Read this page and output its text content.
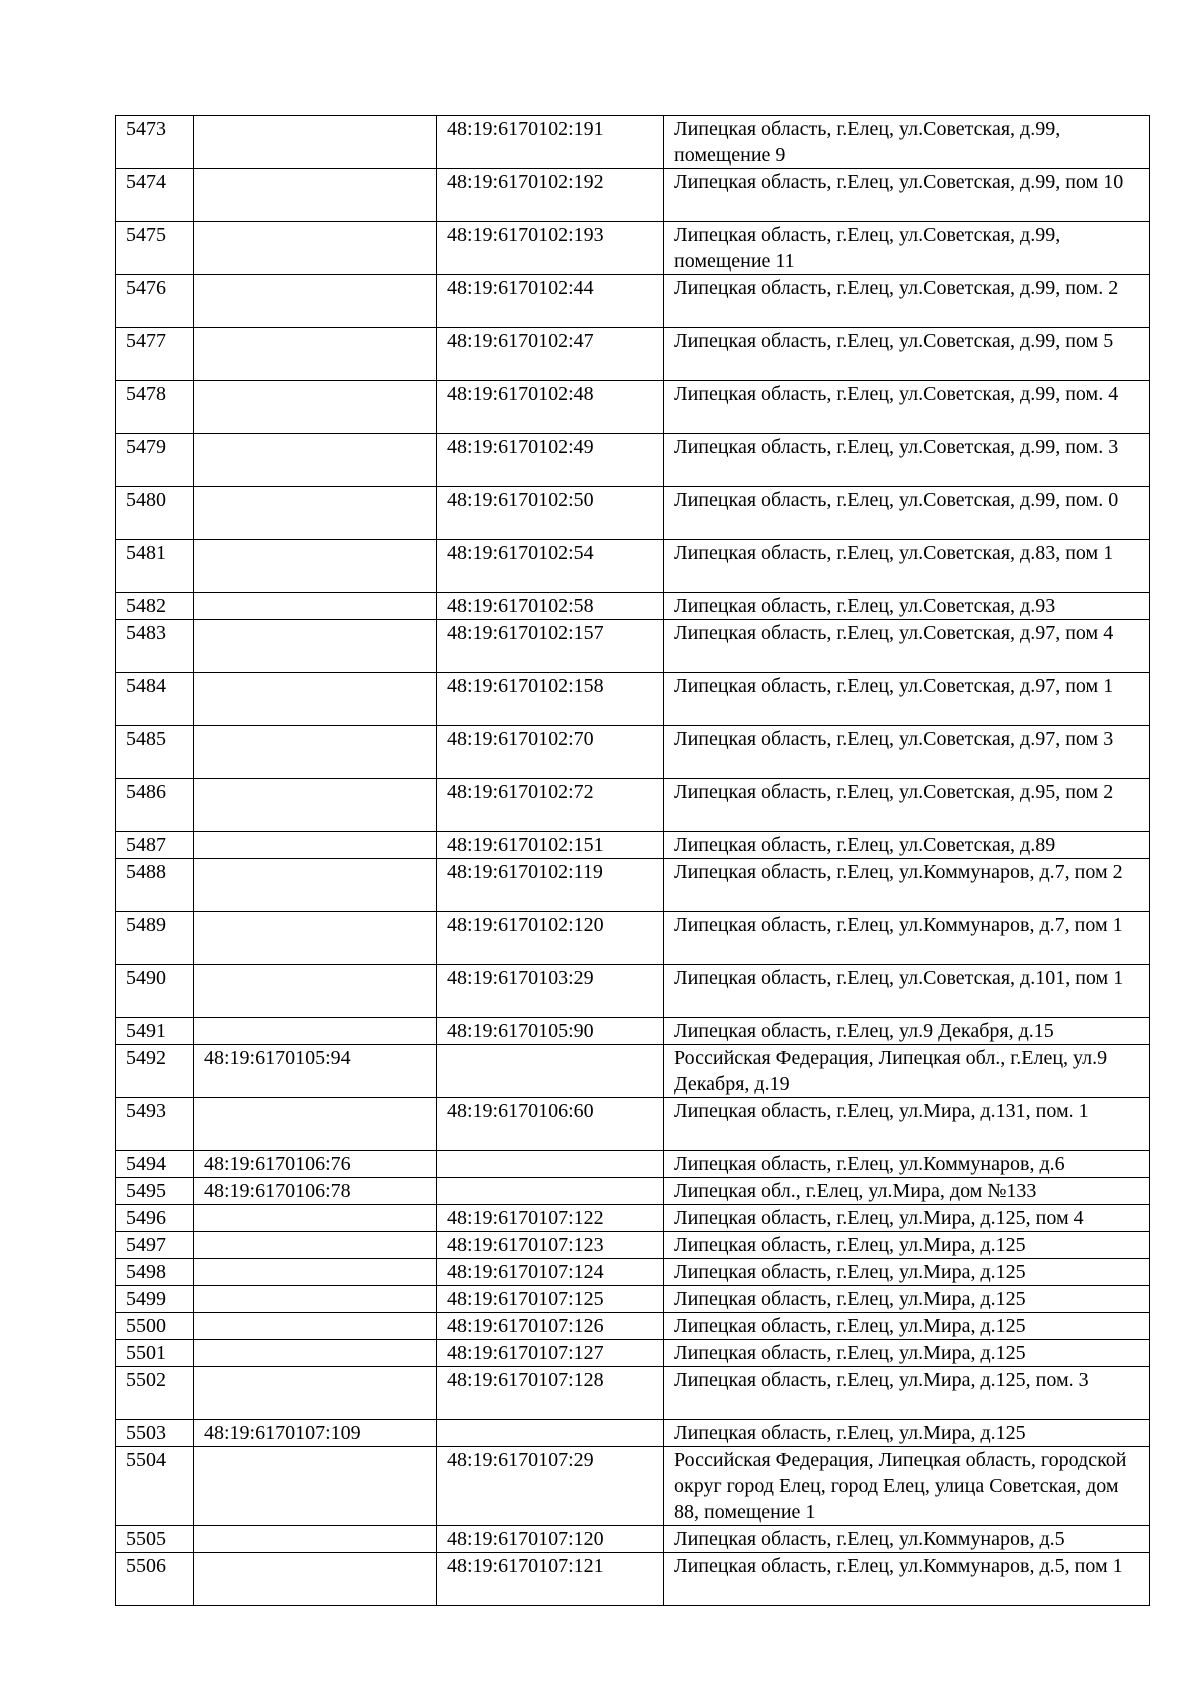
5473		48:19:6170102:191	Липецкая область, г.Елец, ул.Советская, д.99, помещение 9
5474		48:19:6170102:192	Липецкая область, г.Елец, ул.Советская, д.99, пом 10
5475		48:19:6170102:193	Липецкая область, г.Елец, ул.Советская, д.99, помещение 11
5476		48:19:6170102:44	Липецкая область, г.Елец, ул.Советская, д.99, пом. 2
5477		48:19:6170102:47	Липецкая область, г.Елец, ул.Советская, д.99, пом 5
5478		48:19:6170102:48	Липецкая область, г.Елец, ул.Советская, д.99, пом. 4
5479		48:19:6170102:49	Липецкая область, г.Елец, ул.Советская, д.99, пом. 3
5480		48:19:6170102:50	Липецкая область, г.Елец, ул.Советская, д.99, пом. 0
5481		48:19:6170102:54	Липецкая область, г.Елец, ул.Советская, д.83, пом 1
5482		48:19:6170102:58	Липецкая область, г.Елец, ул.Советская, д.93
5483		48:19:6170102:157	Липецкая область, г.Елец, ул.Советская, д.97, пом 4
5484		48:19:6170102:158	Липецкая область, г.Елец, ул.Советская, д.97, пом 1
5485		48:19:6170102:70	Липецкая область, г.Елец, ул.Советская, д.97, пом 3
5486		48:19:6170102:72	Липецкая область, г.Елец, ул.Советская, д.95, пом 2
5487		48:19:6170102:151	Липецкая область, г.Елец, ул.Советская, д.89
5488		48:19:6170102:119	Липецкая область, г.Елец, ул.Коммунаров, д.7, пом 2
5489		48:19:6170102:120	Липецкая область, г.Елец, ул.Коммунаров, д.7, пом 1
5490		48:19:6170103:29	Липецкая область, г.Елец, ул.Советская, д.101, пом 1
5491		48:19:6170105:90	Липецкая область, г.Елец, ул.9 Декабря, д.15
5492	48:19:6170105:94		Российская Федерация, Липецкая обл., г.Елец, ул.9 Декабря, д.19
5493		48:19:6170106:60	Липецкая область, г.Елец, ул.Мира, д.131, пом. 1
5494	48:19:6170106:76		Липецкая область, г.Елец, ул.Коммунаров, д.6
5495	48:19:6170106:78		Липецкая обл., г.Елец, ул.Мира, дом №133
5496		48:19:6170107:122	Липецкая область, г.Елец, ул.Мира, д.125, пом 4
5497		48:19:6170107:123	Липецкая область, г.Елец, ул.Мира, д.125
5498		48:19:6170107:124	Липецкая область, г.Елец, ул.Мира, д.125
5499		48:19:6170107:125	Липецкая область, г.Елец, ул.Мира, д.125
5500		48:19:6170107:126	Липецкая область, г.Елец, ул.Мира, д.125
5501		48:19:6170107:127	Липецкая область, г.Елец, ул.Мира, д.125
5502		48:19:6170107:128	Липецкая область, г.Елец, ул.Мира, д.125, пом. 3
5503	48:19:6170107:109		Липецкая область, г.Елец, ул.Мира, д.125
5504		48:19:6170107:29	Российская Федерация, Липецкая область, городской округ город Елец, город Елец, улица Советская, дом 88, помещение 1
5505		48:19:6170107:120	Липецкая область, г.Елец, ул.Коммунаров, д.5
5506		48:19:6170107:121	Липецкая область, г.Елец, ул.Коммунаров, д.5, пом 1
